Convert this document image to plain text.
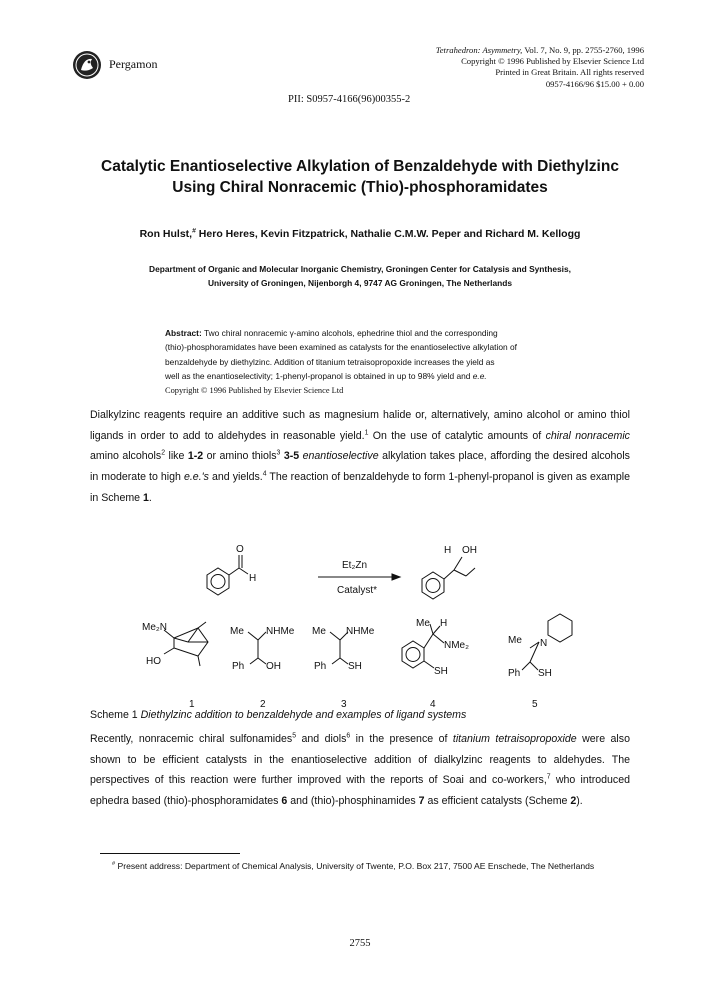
Pergamon
Tetrahedron: Asymmetry, Vol. 7, No. 9, pp. 2755-2760, 1996
Copyright © 1996 Published by Elsevier Science Ltd
Printed in Great Britain. All rights reserved
0957-4166/96 $15.00 + 0.00
PII: S0957-4166(96)00355-2
Catalytic Enantioselective Alkylation of Benzaldehyde with Diethylzinc
Using Chiral Nonracemic (Thio)-phosphoramidates
Ron Hulst,# Hero Heres, Kevin Fitzpatrick, Nathalie C.M.W. Peper and Richard M. Kellogg
Department of Organic and Molecular Inorganic Chemistry, Groningen Center for Catalysis and Synthesis,
University of Groningen, Nijenborgh 4, 9747 AG Groningen, The Netherlands
Abstract: Two chiral nonracemic γ-amino alcohols, ephedrine thiol and the corresponding
(thio)-phosphoramidates have been examined as catalysts for the enantioselective alkylation of
benzaldehyde by diethylzinc. Addition of titanium tetraisopropoxide increases the yield as
well as the enantioselectivity; 1-phenyl-propanol is obtained in up to 98% yield and e.e.
Copyright © 1996 Published by Elsevier Science Ltd
Dialkylzinc reagents require an additive such as magnesium halide or, alternatively, amino alcohol or amino thiol ligands in order to add to aldehydes in reasonable yield.$^1$ On the use of catalytic amounts of chiral nonracemic amino alcohols$^2$ like 1-2 or amino thiols$^3$ 3-5 enantioselective alkylation takes place, affording the desired alcohols in moderate to high e.e.'s and yields.$^4$ The reaction of benzaldehyde to form 1-phenyl-propanol is given as example in Scheme 1.
O
H
Et₂Zn
Catalyst*
H OH
Me₂N
HO
Me NHMe
Ph OH
Me NHMe
Ph SH
Me H
NMe₂
SH
Me N
Ph SH
1	2	3	4	5
Scheme 1 Diethylzinc addition to benzaldehyde and examples of ligand systems
Recently, nonracemic chiral sulfonamides$^5$ and diols$^6$ in the presence of titanium tetraisopropoxide were also shown to be efficient catalysts in the enantioselective addition of dialkylzinc reagents to aldehydes. The perspectives of this reaction were further improved with the reports of Soai and co-workers,$^7$ who introduced ephedra based (thio)-phosphoramidates 6 and (thio)-phosphinamides 7 as efficient catalysts (Scheme 2).
# Present address: Department of Chemical Analysis, University of Twente, P.O. Box 217, 7500 AE Enschede, The Netherlands
2755
